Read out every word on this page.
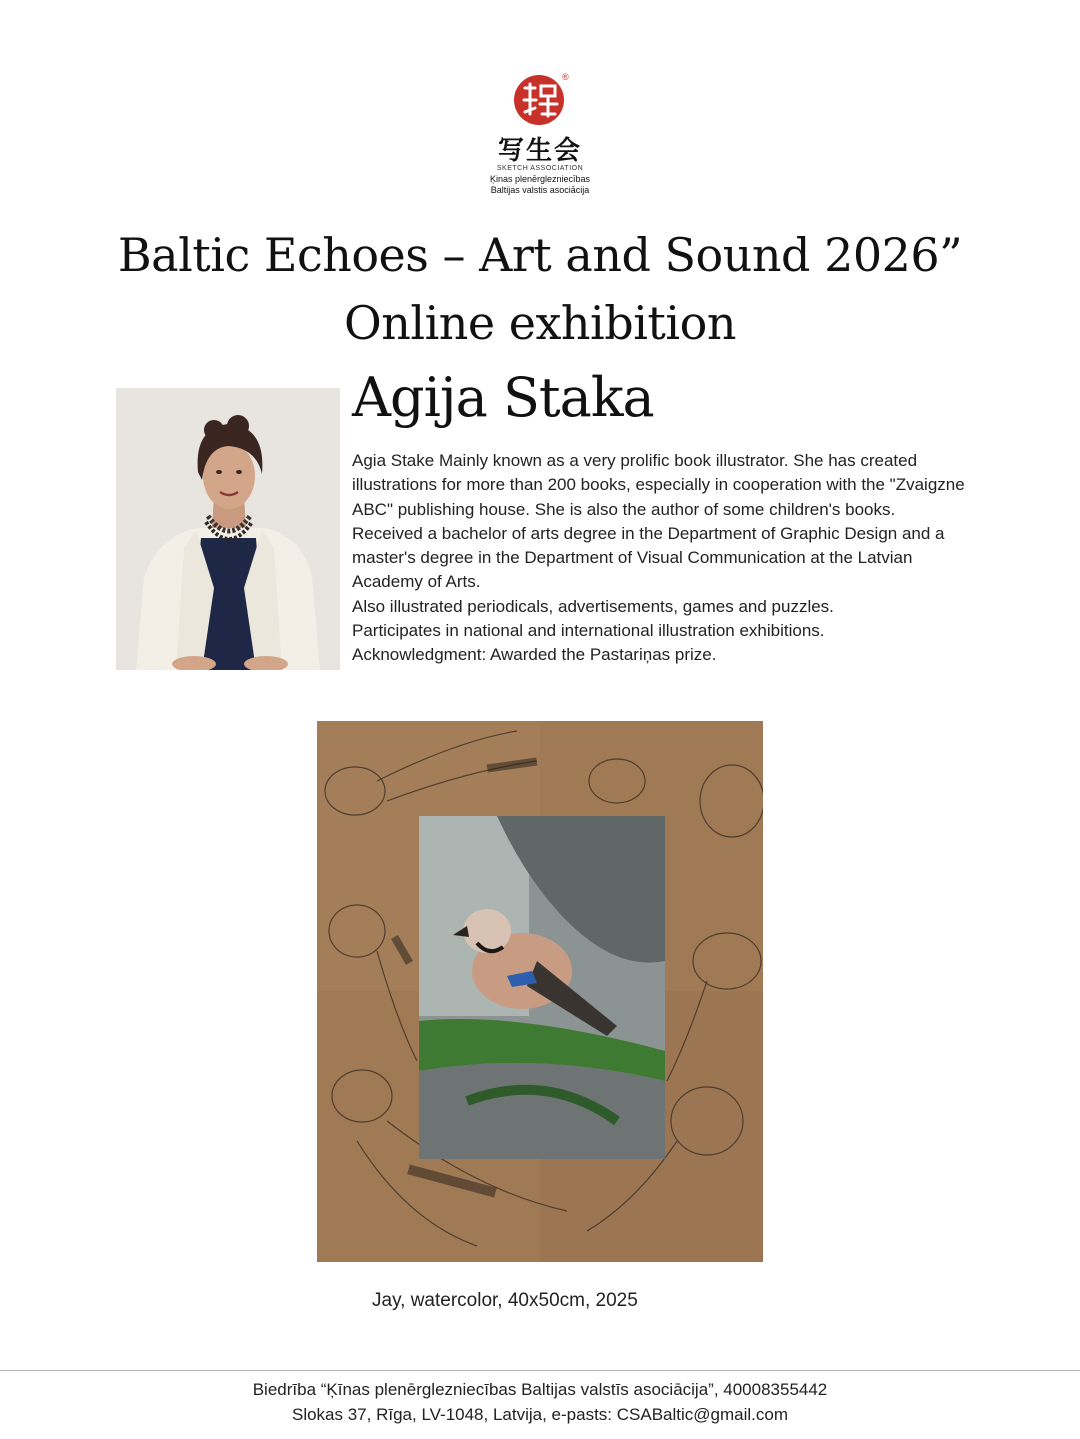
®
写生会
SKETCH ASSOCIATION
Ķinas plenērglezniecības
Baltijas valstis asociācija
Baltic Echoes – Art and Sound 2026”
Online exhibition
Agija Staka

Agia Stake Mainly known as a very prolific book illustrator. She has created illustrations for more than 200 books, especially in cooperation with the "Zvaigzne ABC" publishing house. She is also the author of some children's books.

Received a bachelor of arts degree in the Department of Graphic Design and a master's degree in the Department of Visual Communication at the Latvian Academy of Arts.

Also illustrated periodicals, advertisements, games and puzzles.

Participates in national and international illustration exhibitions.

Acknowledgment: Awarded the Pastariņas prize.

Jay, watercolor, 40x50cm, 2025
Biedrība “Ķīnas plenērglezniecības Baltijas valstīs asociācija”, 40008355442
Slokas 37, Rīga, LV-1048, Latvija, e-pasts: CSABaltic@gmail.com
